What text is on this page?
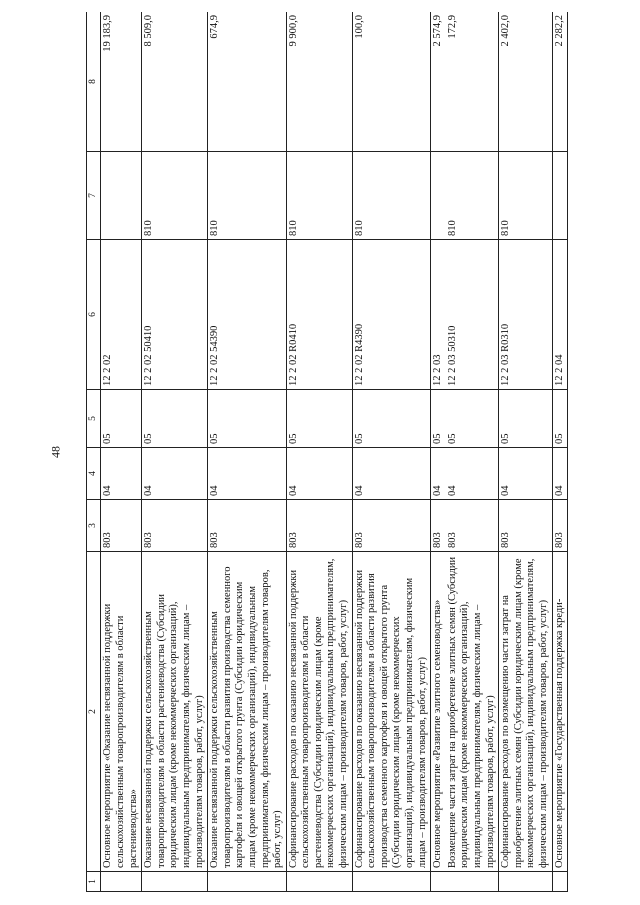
48
1	2	3	4	5	6	7	8
	Основное мероприятие «Оказание несвязанной поддержки сельскохозяйственным товаропроизводителям в области растениеводства»	803	04	05	12 2 02		19 183,9
	Оказание несвязанной поддержки сельскохозяйственным товаропроизводителям в области растениеводства (Субсидии юридическим лицам (кроме некоммерческих организаций), индивидуальным предпринимателям, физическим лицам – производителям товаров, работ, услуг)	803	04	05	12 2 02 50410	810	8 509,0
	Оказание несвязанной поддержки сельскохозяйственным товаропроизводителям в области развития производства семенного картофеля и овощей открытого грунта (Субсидии юридическим лицам (кроме некоммерческих организаций), индивидуальным предпринимателям, физическим лицам – производителям товаров, работ, услуг)	803	04	05	12 2 02 54390	810	674,9
	Софинансирование расходов по оказанию несвязанной поддержки сельскохозяйственным товаропроизводителям в области растениеводства (Субсидии юридическим лицам (кроме некоммерческих организаций), индивидуальным предпринимателям, физическим лицам – производителям товаров, работ, услуг)	803	04	05	12 2 02 R0410	810	9 900,0
	Софинансирование расходов по оказанию несвязанной поддержки сельскохозяйственным товаропроизводителям в области развития производства семенного картофеля и овощей открытого грунта (Субсидии юридическим лицам (кроме некоммерческих организаций), индивидуальным предпринимателям, физическим лицам – производителям товаров, работ, услуг)	803	04	05	12 2 02 R4390	810	100,0
	Основное мероприятие «Развитие элитного семеноводства»	803	04	05	12 2 03		2 574,9
	Возмещение части затрат на приобретение элитных семян (Субсидии юридическим лицам (кроме некоммерческих организаций), индивидуальным предпринимателям, физическим лицам – производителям товаров, работ, услуг)	803	04	05	12 2 03 50310	810	172,9
	Софинансирование расходов по возмещению части затрат на приобретение элитных семян (Субсидии юридическим лицам (кроме некоммерческих организаций), индивидуальным предпринимателям, физическим лицам – производителям товаров, работ, услуг)	803	04	05	12 2 03 R0310	810	2 402,0
	Основное мероприятие «Государственная поддержка креди-	803	04	05	12 2 04		2 282,2
